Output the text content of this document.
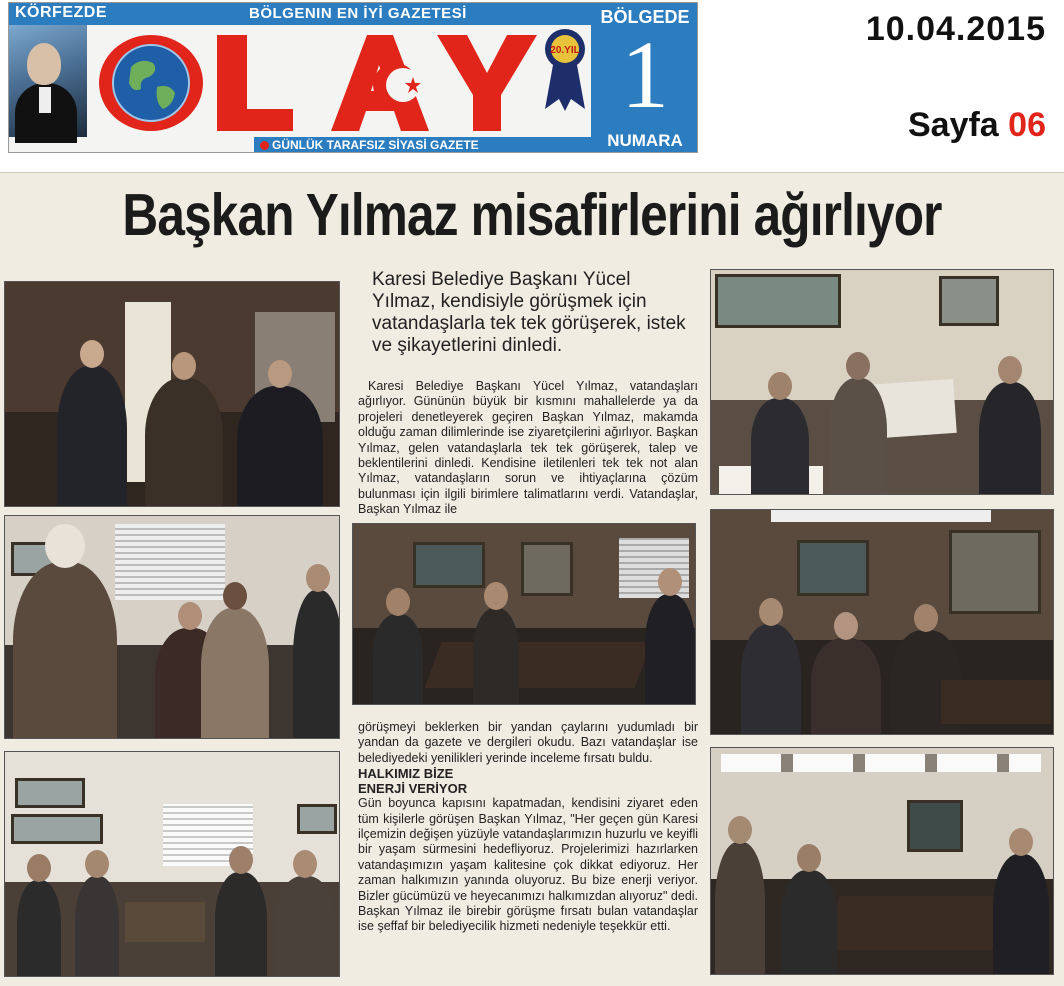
KÖRFEZDE	BÖLGENIN EN İYİ GAZETESİ
20.YIL
GÜNLÜK TARAFSIZ SİYASİ GAZETE
BÖLGEDE
1
NUMARA
10.04.2015
Sayfa 06
Başkan Yılmaz misafirlerini ağırlıyor
Karesi Belediye Başkanı Yücel Yılmaz, kendisiyle görüşmek için vatandaşlarla tek tek görüşerek, istek ve şikayetlerini dinledi.

Karesi Belediye Başkanı Yücel Yılmaz, vatandaşları ağırlıyor. Gününün büyük bir kısmını mahallelerde ya da projeleri denetleyerek geçiren Başkan Yılmaz, makamda olduğu zaman dilimlerinde ise ziyaretçilerini ağırlıyor. Başkan Yılmaz, gelen vatandaşlarla tek tek görüşerek, talep ve beklentilerini dinledi. Kendisine iletilenleri tek tek not alan Yılmaz, vatandaşların sorun ve ihtiyaçlarına çözüm bulunması için ilgili birimlere talimatlarını verdi. Vatandaşlar, Başkan Yılmaz ile

görüşmeyi beklerken bir yandan çaylarını yudumladı bir yandan da gazete ve dergileri okudu. Bazı vatandaşlar ise belediyedeki yenilikleri yerinde inceleme fırsatı buldu.

HALKIMIZ BİZE
ENERJİ VERİYOR

Gün boyunca kapısını kapatmadan, kendisini ziyaret eden tüm kişilerle görüşen Başkan Yılmaz, "Her geçen gün Karesi ilçemizin değişen yüzüyle vatandaşlarımızın huzurlu ve keyifli bir yaşam sürmesini hedefliyoruz. Projelerimizi hazırlarken vatandaşımızın yaşam kalitesine çok dikkat ediyoruz. Her zaman halkımızın yanında oluyoruz. Bu bize enerji veriyor. Bizler gücümüzü ve heyecanımızı halkımızdan alıyoruz" dedi. Başkan Yılmaz ile birebir görüşme fırsatı bulan vatandaşlar ise şeffaf bir belediyecilik hizmeti nedeniyle teşekkür etti.
